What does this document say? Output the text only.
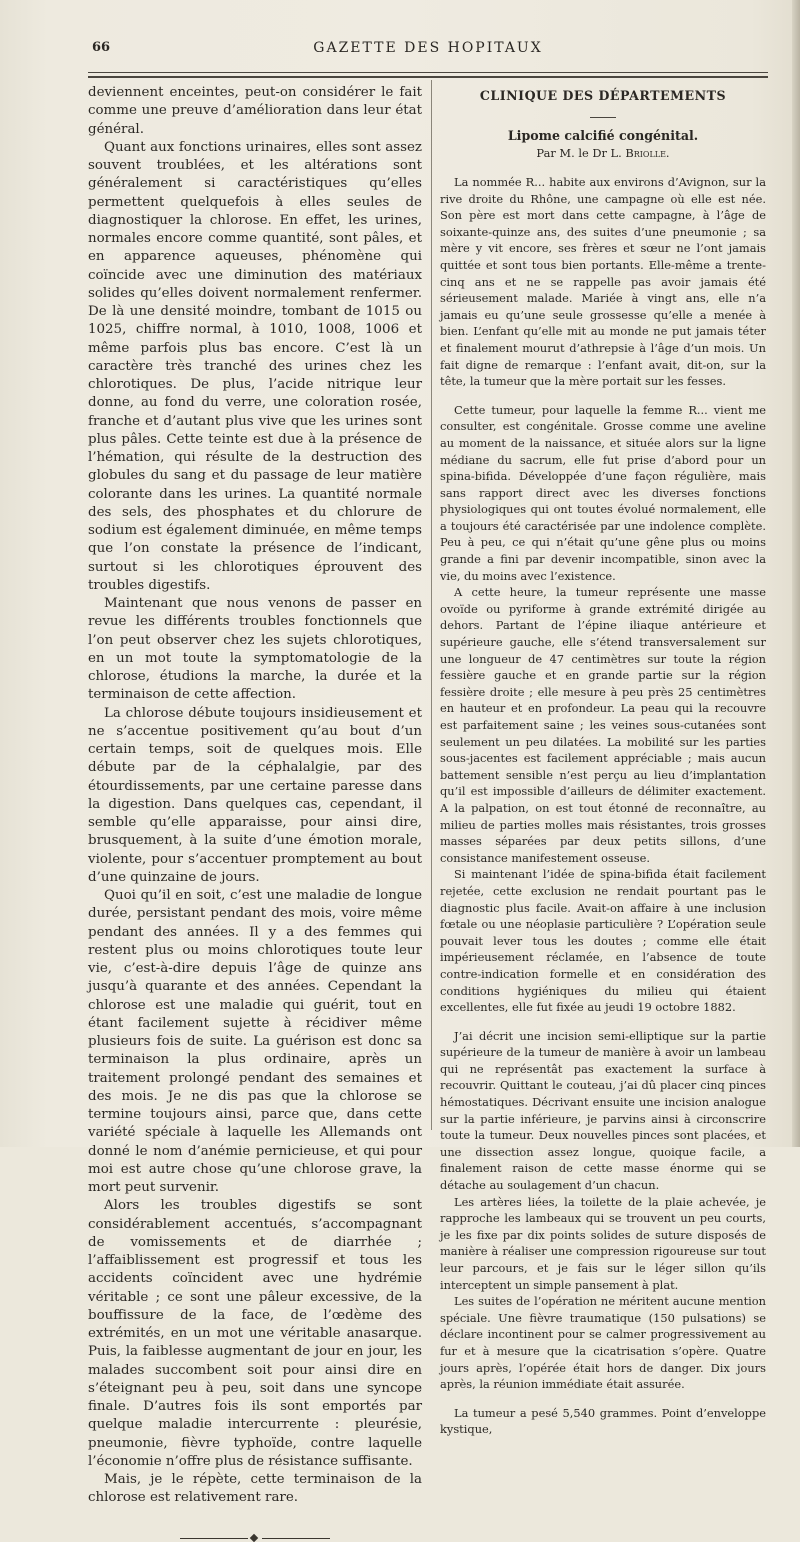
66	GAZETTE DES HOPITAUX

deviennent enceintes, peut-on considérer le fait comme une preuve d’amélioration dans leur état général.

Quant aux fonctions urinaires, elles sont assez souvent troublées, et les altérations sont généralement si caractéristiques qu’elles permettent quelquefois à elles seules de diagnostiquer la chlorose. En effet, les urines, normales encore comme quantité, sont pâles, et en apparence aqueuses, phénomène qui coïncide avec une diminution des matériaux solides qu’elles doivent normalement renfermer. De là une densité moindre, tombant de 1015 ou 1025, chiffre normal, à 1010, 1008, 1006 et même parfois plus bas encore. C’est là un caractère très tranché des urines chez les chlorotiques. De plus, l’acide nitrique leur donne, au fond du verre, une coloration rosée, franche et d’autant plus vive que les urines sont plus pâles. Cette teinte est due à la présence de l’hémation, qui résulte de la destruction des globules du sang et du passage de leur matière colorante dans les urines. La quantité normale des sels, des phosphates et du chlorure de sodium est également diminuée, en même temps que l’on constate la présence de l’indicant, surtout si les chlorotiques éprouvent des troubles digestifs.

Maintenant que nous venons de passer en revue les différents troubles fonctionnels que l’on peut observer chez les sujets chlorotiques, en un mot toute la symptomatologie de la chlorose, étudions la marche, la durée et la terminaison de cette affection.

La chlorose débute toujours insidieusement et ne s’accentue positivement qu’au bout d’un certain temps, soit de quelques mois. Elle débute par de la céphalalgie, par des étourdissements, par une certaine paresse dans la digestion. Dans quelques cas, cependant, il semble qu’elle apparaisse, pour ainsi dire, brusquement, à la suite d’une émotion morale, violente, pour s’accentuer promptement au bout d’une quinzaine de jours.

Quoi qu’il en soit, c’est une maladie de longue durée, persistant pendant des mois, voire même pendant des années. Il y a des femmes qui restent plus ou moins chlorotiques toute leur vie, c’est-à-dire depuis l’âge de quinze ans jusqu’à quarante et des années. Cependant la chlorose est une maladie qui guérit, tout en étant facilement sujette à récidiver même plusieurs fois de suite. La guérison est donc sa terminaison la plus ordinaire, après un traitement prolongé pendant des semaines et des mois. Je ne dis pas que la chlorose se termine toujours ainsi, parce que, dans cette variété spéciale à laquelle les Allemands ont donné le nom d’anémie pernicieuse, et qui pour moi est autre chose qu’une chlorose grave, la mort peut survenir.

Alors les troubles digestifs se sont considérablement accentués, s’accompagnant de vomissements et de diarrhée ; l’affaiblissement est progressif et tous les accidents coïncident avec une hydrémie véritable ; ce sont une pâleur excessive, de la bouffissure de la face, de l’œdème des extrémités, en un mot une véritable anasarque. Puis, la faiblesse augmentant de jour en jour, les malades succombent soit pour ainsi dire en s’éteignant peu à peu, soit dans une syncope finale. D’autres fois ils sont emportés par quelque maladie intercurrente : pleurésie, pneumonie, fièvre typhoïde, contre laquelle l’économie n’offre plus de résistance suffisante.

Mais, je le répète, cette terminaison de la chlorose est relativement rare.

CLINIQUE DES DÉPARTEMENTS
Lipome calcifié congénital.
Par M. le Dr L. Briolle.

La nommée R... habite aux environs d’Avignon, sur la rive droite du Rhône, une campagne où elle est née. Son père est mort dans cette campagne, à l’âge de soixante-quinze ans, des suites d’une pneumonie ; sa mère y vit encore, ses frères et sœur ne l’ont jamais quittée et sont tous bien portants. Elle-même a trente-cinq ans et ne se rappelle pas avoir jamais été sérieusement malade. Mariée à vingt ans, elle n’a jamais eu qu’une seule grossesse qu’elle a menée à bien. L’enfant qu’elle mit au monde ne put jamais téter et finalement mourut d’athrepsie à l’âge d’un mois. Un fait digne de remarque : l’enfant avait, dit-on, sur la tête, la tumeur que la mère portait sur les fesses.

Cette tumeur, pour laquelle la femme R... vient me consulter, est congénitale. Grosse comme une aveline au moment de la naissance, et située alors sur la ligne médiane du sacrum, elle fut prise d’abord pour un spina-bifida. Développée d’une façon régulière, mais sans rapport direct avec les diverses fonctions physiologiques qui ont toutes évolué normalement, elle a toujours été caractérisée par une indolence complète. Peu à peu, ce qui n’était qu’une gêne plus ou moins grande a fini par devenir incompatible, sinon avec la vie, du moins avec l’existence.

A cette heure, la tumeur représente une masse ovoïde ou pyriforme à grande extrémité dirigée au dehors. Partant de l’épine iliaque antérieure et supérieure gauche, elle s’étend transversalement sur une longueur de 47 centimètres sur toute la région fessière gauche et en grande partie sur la région fessière droite ; elle mesure à peu près 25 centimètres en hauteur et en profondeur. La peau qui la recouvre est parfaitement saine ; les veines sous-cutanées sont seulement un peu dilatées. La mobilité sur les parties sous-jacentes est facilement appréciable ; mais aucun battement sensible n’est perçu au lieu d’implantation qu’il est impossible d’ailleurs de délimiter exactement. A la palpation, on est tout étonné de reconnaître, au milieu de parties molles mais résistantes, trois grosses masses séparées par deux petits sillons, d’une consistance manifestement osseuse.

Si maintenant l’idée de spina-bifida était facilement rejetée, cette exclusion ne rendait pourtant pas le diagnostic plus facile. Avait-on affaire à une inclusion fœtale ou une néoplasie particulière ? L’opération seule pouvait lever tous les doutes ; comme elle était impérieusement réclamée, en l’absence de toute contre-indication formelle et en considération des conditions hygiéniques du milieu qui étaient excellentes, elle fut fixée au jeudi 19 octobre 1882.

J’ai décrit une incision semi-elliptique sur la partie supérieure de la tumeur de manière à avoir un lambeau qui ne représentât pas exactement la surface à recouvrir. Quittant le couteau, j’ai dû placer cinq pinces hémostatiques. Décrivant ensuite une incision analogue sur la partie inférieure, je parvins ainsi à circonscrire toute la tumeur. Deux nouvelles pinces sont placées, et une dissection assez longue, quoique facile, a finalement raison de cette masse énorme qui se détache au soulagement d’un chacun.

Les artères liées, la toilette de la plaie achevée, je rapproche les lambeaux qui se trouvent un peu courts, je les fixe par dix points solides de suture disposés de manière à réaliser une compression rigoureuse sur tout leur parcours, et je fais sur le léger sillon qu’ils interceptent un simple pansement à plat.

Les suites de l’opération ne méritent aucune mention spéciale. Une fièvre traumatique (150 pulsations) se déclare incontinent pour se calmer progressivement au fur et à mesure que la cicatrisation s’opère. Quatre jours après, l’opérée était hors de danger. Dix jours après, la réunion immédiate était assurée.

La tumeur a pesé 5,540 grammes. Point d’enveloppe kystique,
